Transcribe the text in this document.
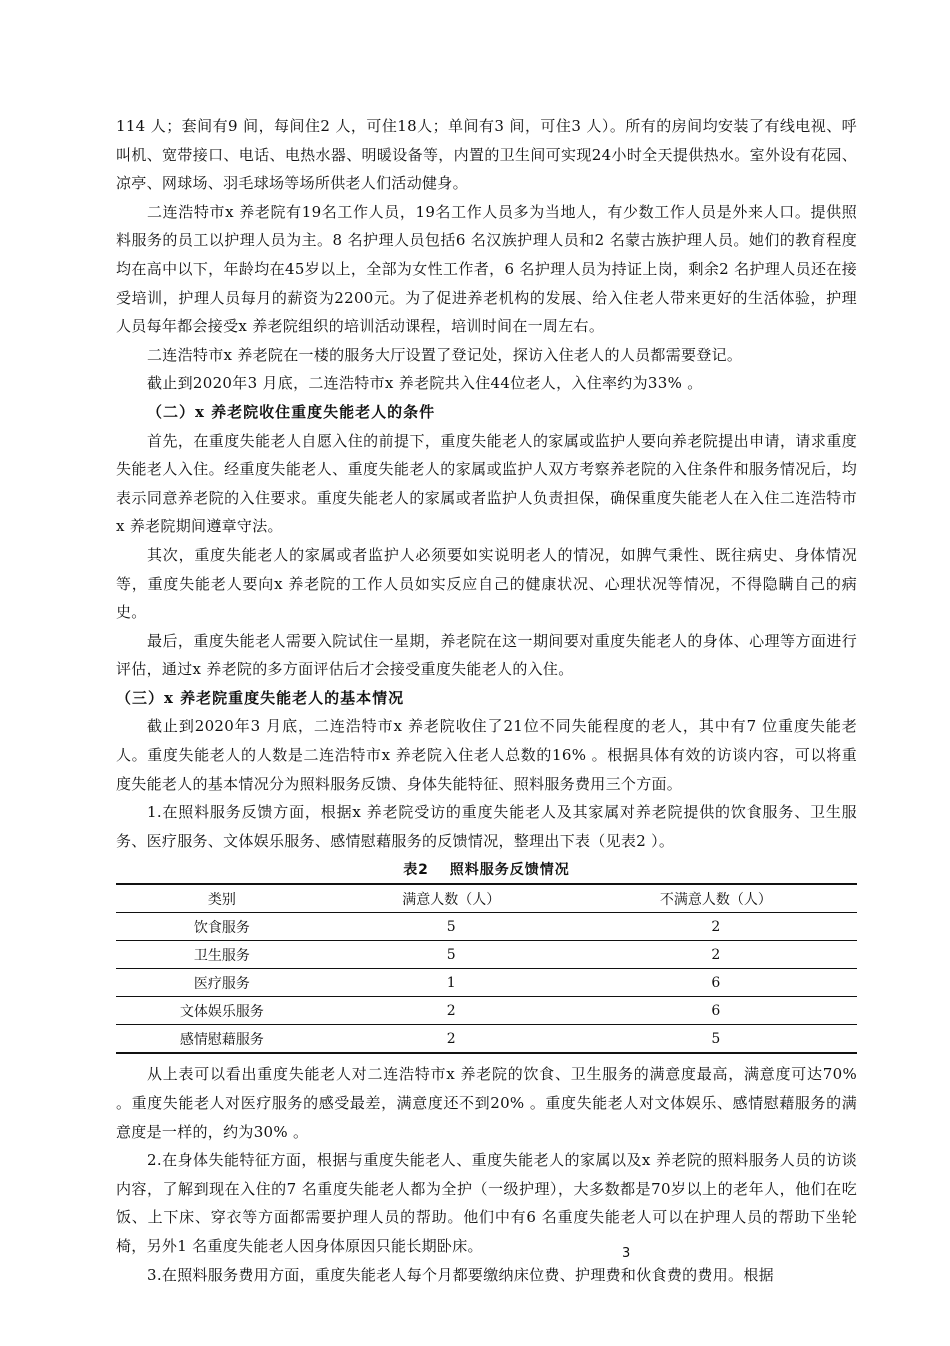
114 人；套间有9 间，每间住2 人，可住18人；单间有3 间，可住3 人）。所有的房间均安装了有线电视、呼叫机、宽带接口、电话、电热水器、明暖设备等，内置的卫生间可实现24小时全天提供热水。室外设有花园、凉亭、网球场、羽毛球场等场所供老人们活动健身。

二连浩特市x 养老院有19名工作人员，19名工作人员多为当地人，有少数工作人员是外来人口。提供照料服务的员工以护理人员为主。8 名护理人员包括6 名汉族护理人员和2 名蒙古族护理人员。她们的教育程度均在高中以下，年龄均在45岁以上，全部为女性工作者，6 名护理人员为持证上岗，剩余2 名护理人员还在接受培训，护理人员每月的薪资为2200元。为了促进养老机构的发展、给入住老人带来更好的生活体验，护理人员每年都会接受x 养老院组织的培训活动课程，培训时间在一周左右。

二连浩特市x 养老院在一楼的服务大厅设置了登记处，探访入住老人的人员都需要登记。

截止到2020年3 月底，二连浩特市x 养老院共入住44位老人，入住率约为33% 。

（二）x 养老院收住重度失能老人的条件

首先，在重度失能老人自愿入住的前提下，重度失能老人的家属或监护人要向养老院提出申请，请求重度失能老人入住。经重度失能老人、重度失能老人的家属或监护人双方考察养老院的入住条件和服务情况后，均表示同意养老院的入住要求。重度失能老人的家属或者监护人负责担保，确保重度失能老人在入住二连浩特市x 养老院期间遵章守法。

其次，重度失能老人的家属或者监护人必须要如实说明老人的情况，如脾气秉性、既往病史、身体情况等，重度失能老人要向x 养老院的工作人员如实反应自己的健康状况、心理状况等情况，不得隐瞒自己的病史。

最后，重度失能老人需要入院试住一星期，养老院在这一期间要对重度失能老人的身体、心理等方面进行评估，通过x 养老院的多方面评估后才会接受重度失能老人的入住。

（三）x 养老院重度失能老人的基本情况

截止到2020年3 月底，二连浩特市x 养老院收住了21位不同失能程度的老人，其中有7 位重度失能老人。重度失能老人的人数是二连浩特市x 养老院入住老人总数的16% 。根据具体有效的访谈内容，可以将重度失能老人的基本情况分为照料服务反馈、身体失能特征、照料服务费用三个方面。

1.在照料服务反馈方面，根据x 养老院受访的重度失能老人及其家属对养老院提供的饮食服务、卫生服务、医疗服务、文体娱乐服务、感情慰藉服务的反馈情况，整理出下表（见表2 ）。

表2　 照料服务反馈情况
类别	满意人数（人）	不满意人数（人）
饮食服务	5	2
卫生服务	5	2
医疗服务	1	6
文体娱乐服务	2	6
感情慰藉服务	2	5

从上表可以看出重度失能老人对二连浩特市x 养老院的饮食、卫生服务的满意度最高，满意度可达70% 。重度失能老人对医疗服务的感受最差，满意度还不到20% 。重度失能老人对文体娱乐、感情慰藉服务的满意度是一样的，约为30% 。

2.在身体失能特征方面，根据与重度失能老人、重度失能老人的家属以及x 养老院的照料服务人员的访谈内容，了解到现在入住的7 名重度失能老人都为全护（一级护理），大多数都是70岁以上的老年人，他们在吃饭、上下床、穿衣等方面都需要护理人员的帮助。他们中有6 名重度失能老人可以在护理人员的帮助下坐轮椅，另外1 名重度失能老人因身体原因只能长期卧床。

3.在照料服务费用方面，重度失能老人每个月都要缴纳床位费、护理费和伙食费的费用。根据

3
